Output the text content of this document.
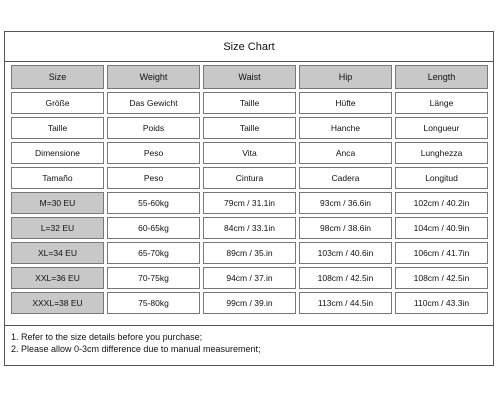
Size Chart
Size	Weight	Waist	Hip	Length
Größe	Das Gewicht	Taille	Hüfte	Länge
Taille	Poids	Taille	Hanche	Longueur
Dimensione	Peso	Vita	Anca	Lunghezza
Tamaño	Peso	Cintura	Cadera	Longitud
M=30 EU	55-60kg	79cm / 31.1in	93cm / 36.6in	102cm / 40.2in
L=32 EU	60-65kg	84cm / 33.1in	98cm / 38.6in	104cm / 40.9in
XL=34 EU	65-70kg	89cm / 35.in	103cm / 40.6in	106cm / 41.7in
XXL=36 EU	70-75kg	94cm / 37.in	108cm / 42.5in	108cm / 42.5in
XXXL=38 EU	75-80kg	99cm / 39.in	113cm / 44.5in	110cm / 43.3in
1. Refer to the size details before you purchase;
2. Please allow 0-3cm difference due to manual measurement;
